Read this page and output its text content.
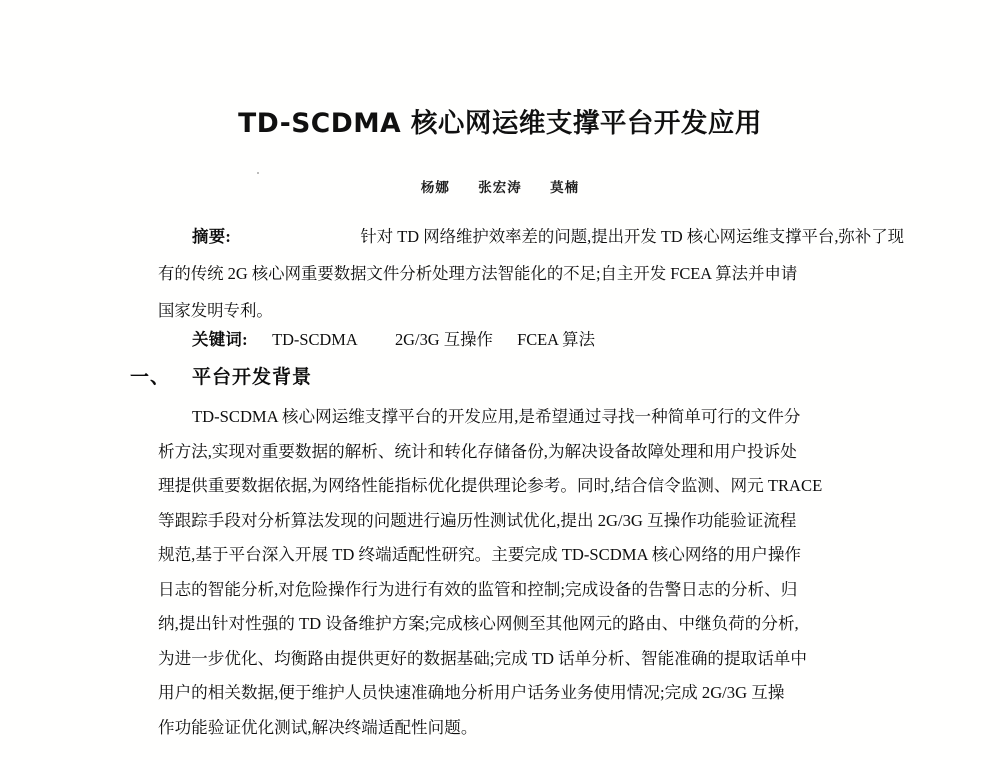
TD-SCDMA 核心网运维支撑平台开发应用
杨娜 张宏涛 莫楠
摘要:	针对 TD 网络维护效率差的问题,提出开发 TD 核心网运维支撑平台,弥补了现
有的传统 2G 核心网重要数据文件分析处理方法智能化的不足;自主开发 FCEA 算法并申请
国家发明专利。
关键词: TD-SCDMA 2G/3G 互操作 FCEA 算法
一、 平台开发背景
TD-SCDMA 核心网运维支撑平台的开发应用,是希望通过寻找一种简单可行的文件分
析方法,实现对重要数据的解析、统计和转化存储备份,为解决设备故障处理和用户投诉处
理提供重要数据依据,为网络性能指标优化提供理论参考。同时,结合信令监测、网元 TRACE
等跟踪手段对分析算法发现的问题进行遍历性测试优化,提出 2G/3G 互操作功能验证流程
规范,基于平台深入开展 TD 终端适配性研究。主要完成 TD-SCDMA 核心网络的用户操作
日志的智能分析,对危险操作行为进行有效的监管和控制;完成设备的告警日志的分析、归
纳,提出针对性强的 TD 设备维护方案;完成核心网侧至其他网元的路由、中继负荷的分析,
为进一步优化、均衡路由提供更好的数据基础;完成 TD 话单分析、智能准确的提取话单中
用户的相关数据,便于维护人员快速准确地分析用户话务业务使用情况;完成 2G/3G 互操
作功能验证优化测试,解决终端适配性问题。
